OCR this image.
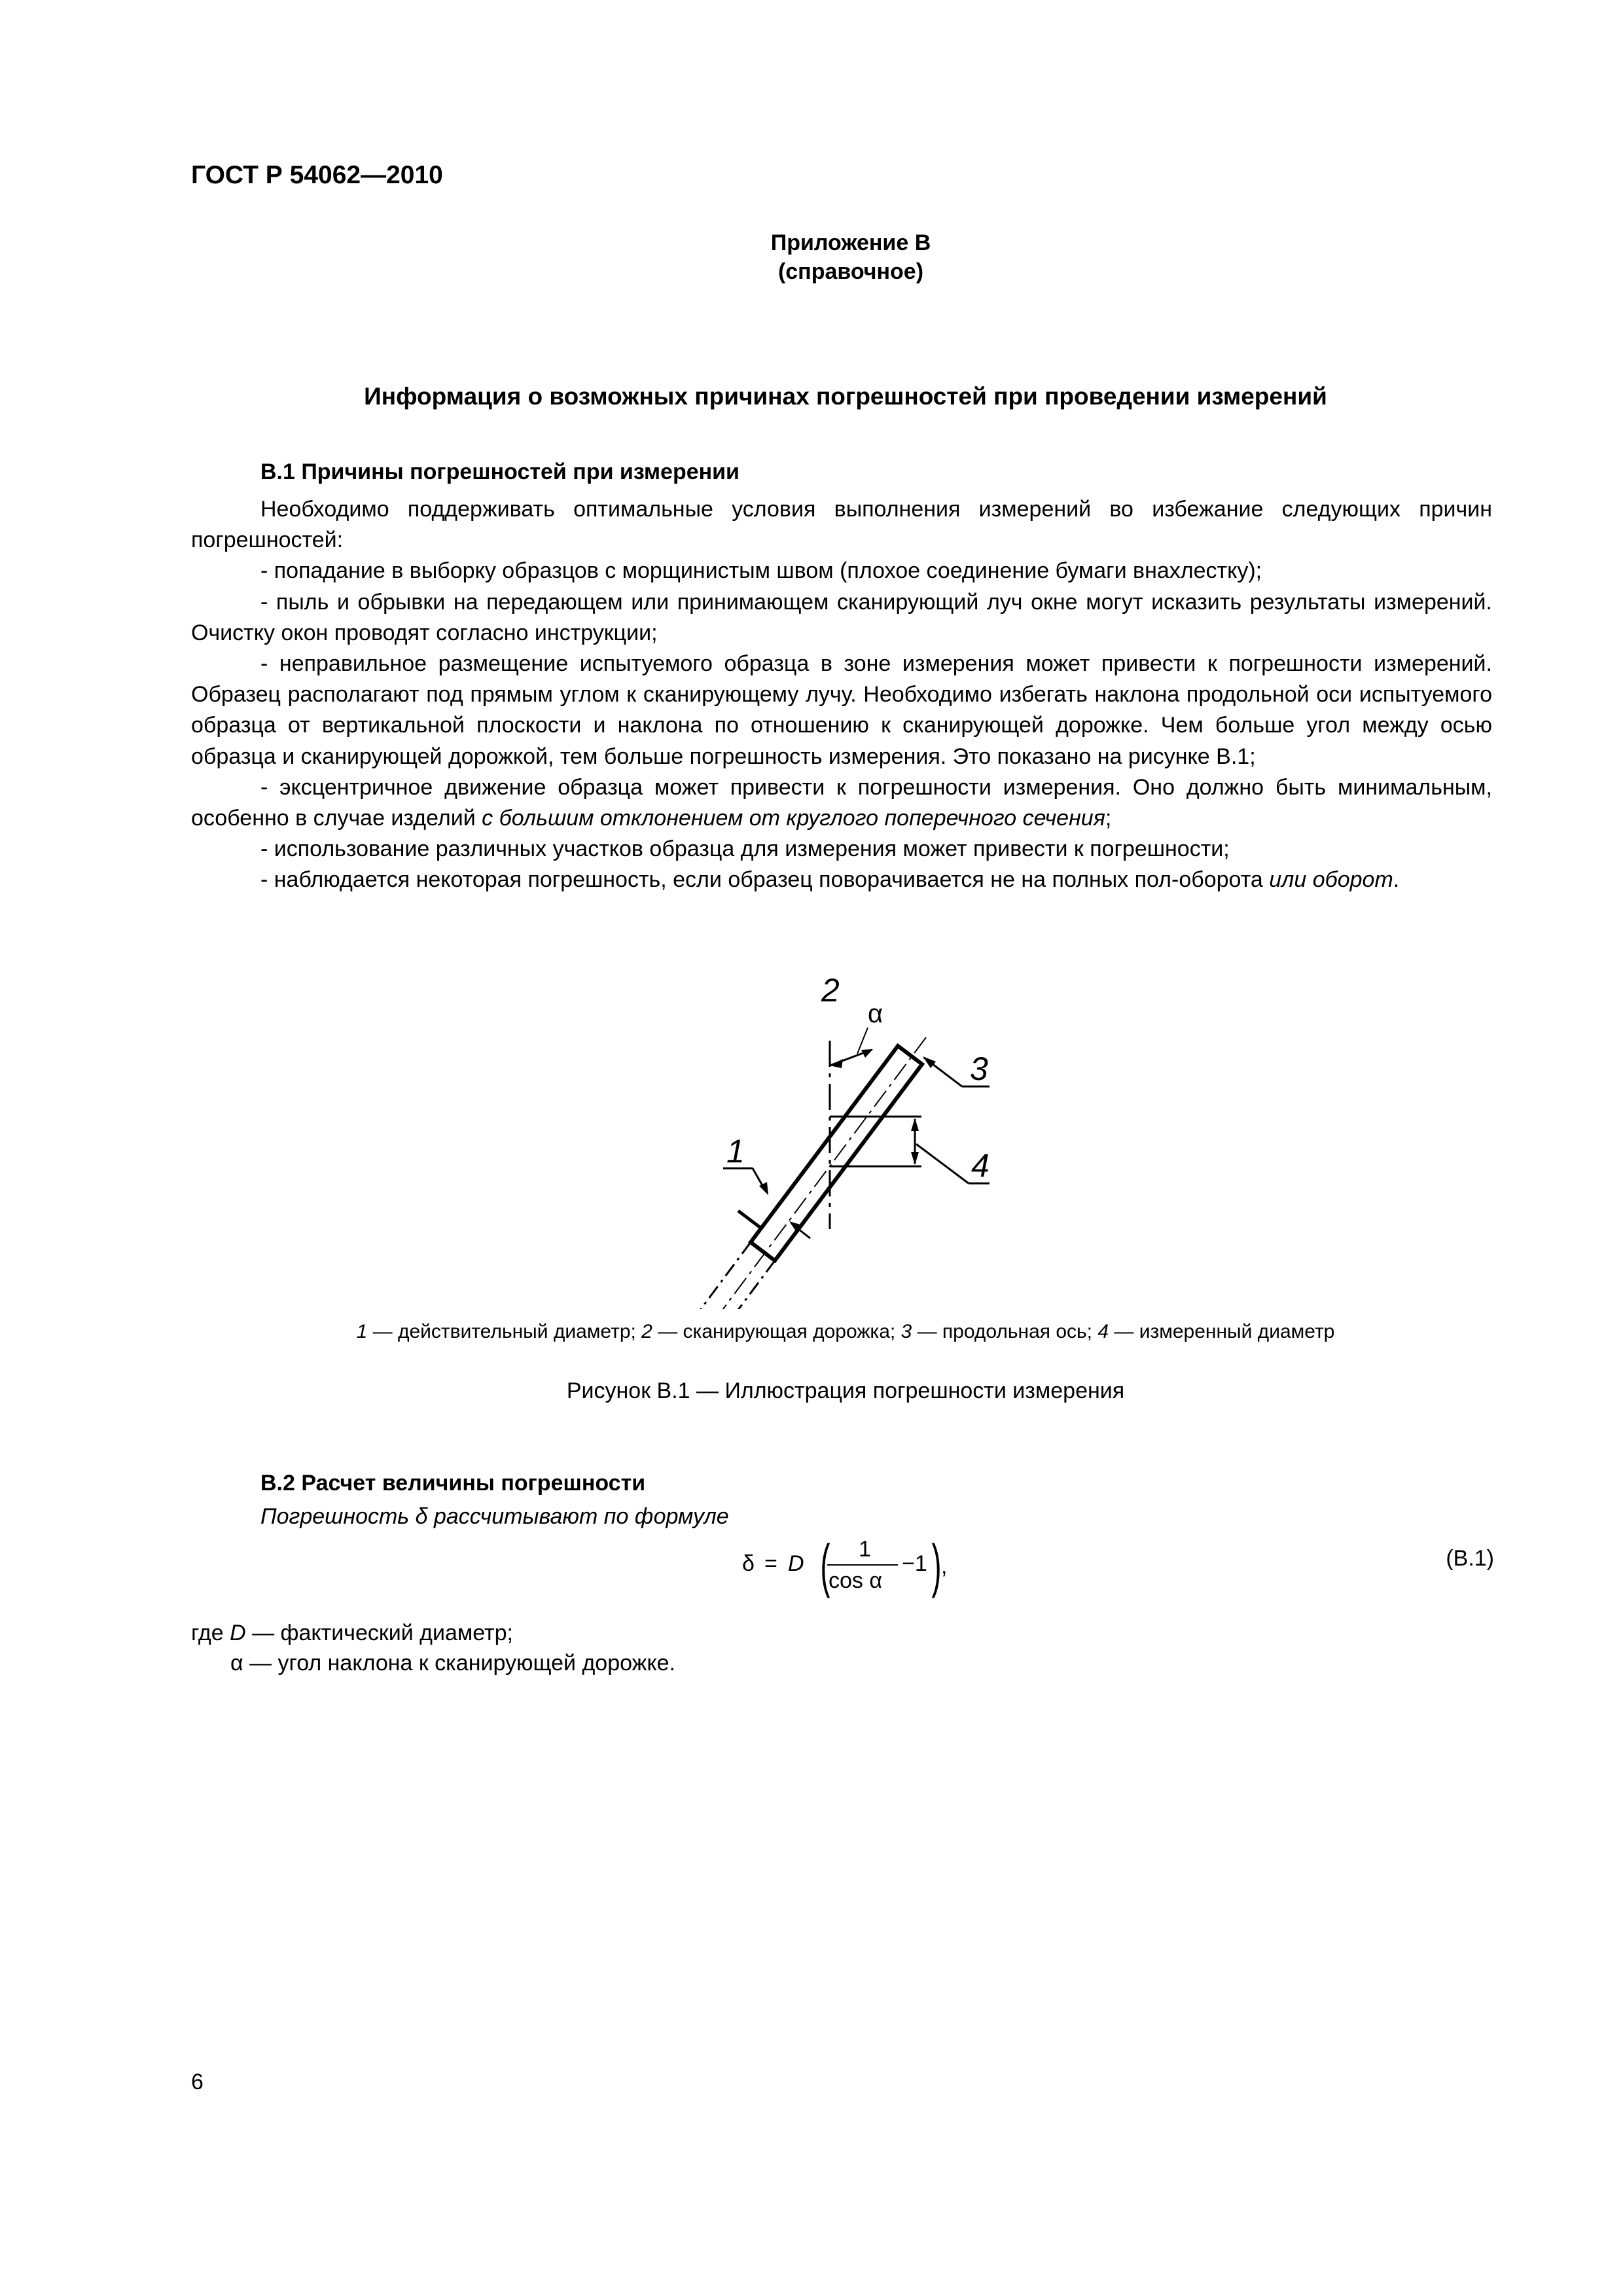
ГОСТ Р 54062—2010
Приложение В
(справочное)
Информация о возможных причинах погрешностей при проведении измерений
В.1 Причины погрешностей при измерении

Необходимо поддерживать оптимальные условия выполнения измерений во избежание следующих причин погрешностей:

- попадание в выборку образцов с морщинистым швом (плохое соединение бумаги внахлестку);

- пыль и обрывки на передающем или принимающем сканирующий луч окне могут исказить результаты измерений. Очистку окон проводят согласно инструкции;

- неправильное размещение испытуемого образца в зоне измерения может привести к погрешности измерений. Образец располагают под прямым углом к сканирующему лучу. Необходимо избегать наклона продольной оси испытуемого образца от вертикальной плоскости и наклона по отношению к сканирующей дорожке. Чем больше угол между осью образца и сканирующей дорожкой, тем больше погрешность измерения. Это показано на рисунке В.1;

- эксцентричное движение образца может привести к погрешности измерения. Оно должно быть минимальным, особенно в случае изделий с большим отклонением от круглого поперечного сечения;

- использование различных участков образца для измерения может привести к погрешности;

- наблюдается некоторая погрешность, если образец поворачивается не на полных пол-оборота или оборот.

2
α
3
4
1
1 — действительный диаметр; 2 — сканирующая дорожка; 3 — продольная ось; 4 — измеренный диаметр
Рисунок В.1 — Иллюстрация погрешности измерения
В.2 Расчет величины погрешности
Погрешность δ рассчитывают по формуле
δ = D ( 1
cos α
−1 ) ,	(В.1)
где D — фактический диаметр;
α — угол наклона к сканирующей дорожке.
6
